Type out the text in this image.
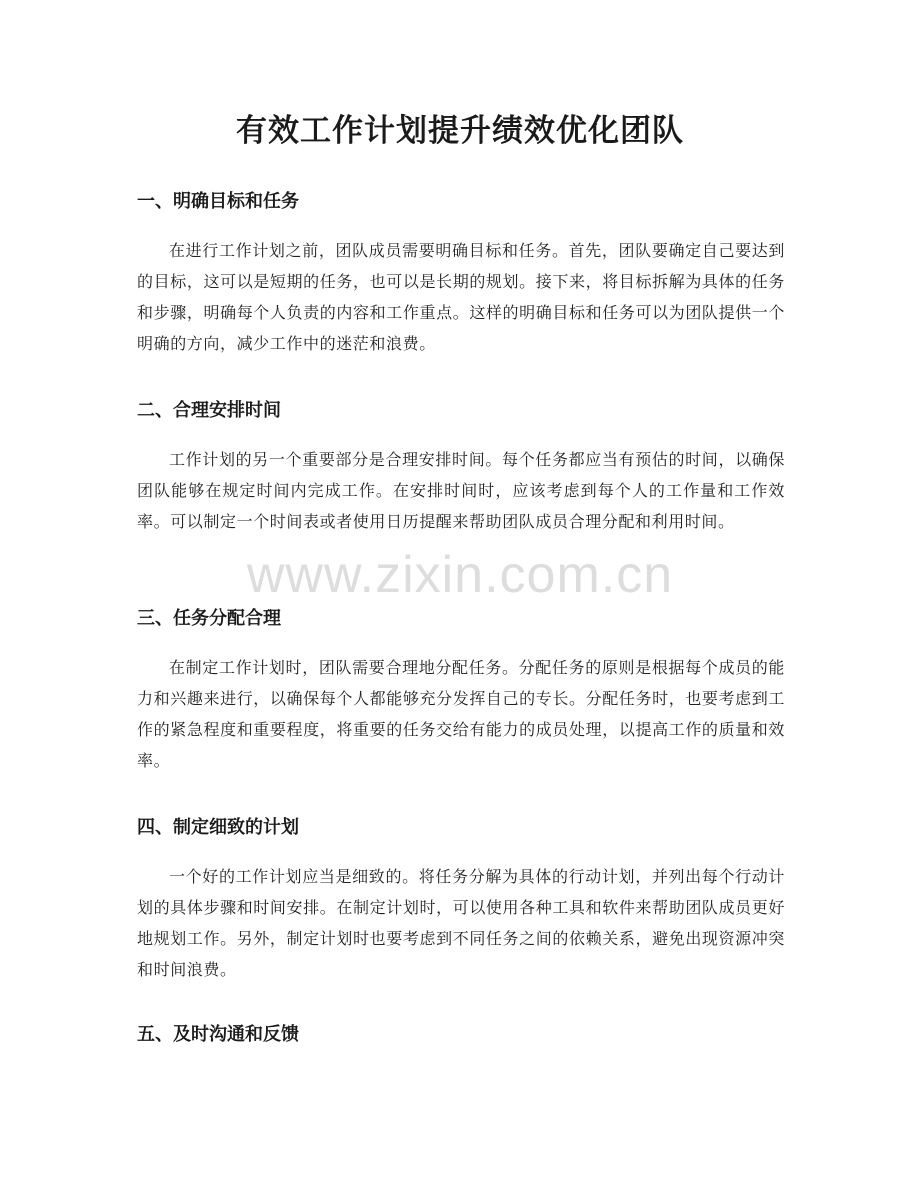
有效工作计划提升绩效优化团队
一、明确目标和任务

在进行工作计划之前，团队成员需要明确目标和任务。首先，团队要确定自己要达到的目标，这可以是短期的任务，也可以是长期的规划。接下来，将目标拆解为具体的任务和步骤，明确每个人负责的内容和工作重点。这样的明确目标和任务可以为团队提供一个明确的方向，减少工作中的迷茫和浪费。

二、合理安排时间

工作计划的另一个重要部分是合理安排时间。每个任务都应当有预估的时间，以确保团队能够在规定时间内完成工作。在安排时间时，应该考虑到每个人的工作量和工作效率。可以制定一个时间表或者使用日历提醒来帮助团队成员合理分配和利用时间。

三、任务分配合理

在制定工作计划时，团队需要合理地分配任务。分配任务的原则是根据每个成员的能力和兴趣来进行，以确保每个人都能够充分发挥自己的专长。分配任务时，也要考虑到工作的紧急程度和重要程度，将重要的任务交给有能力的成员处理，以提高工作的质量和效率。

四、制定细致的计划

一个好的工作计划应当是细致的。将任务分解为具体的行动计划，并列出每个行动计划的具体步骤和时间安排。在制定计划时，可以使用各种工具和软件来帮助团队成员更好地规划工作。另外，制定计划时也要考虑到不同任务之间的依赖关系，避免出现资源冲突和时间浪费。

五、及时沟通和反馈
www.zixin.com.cn
